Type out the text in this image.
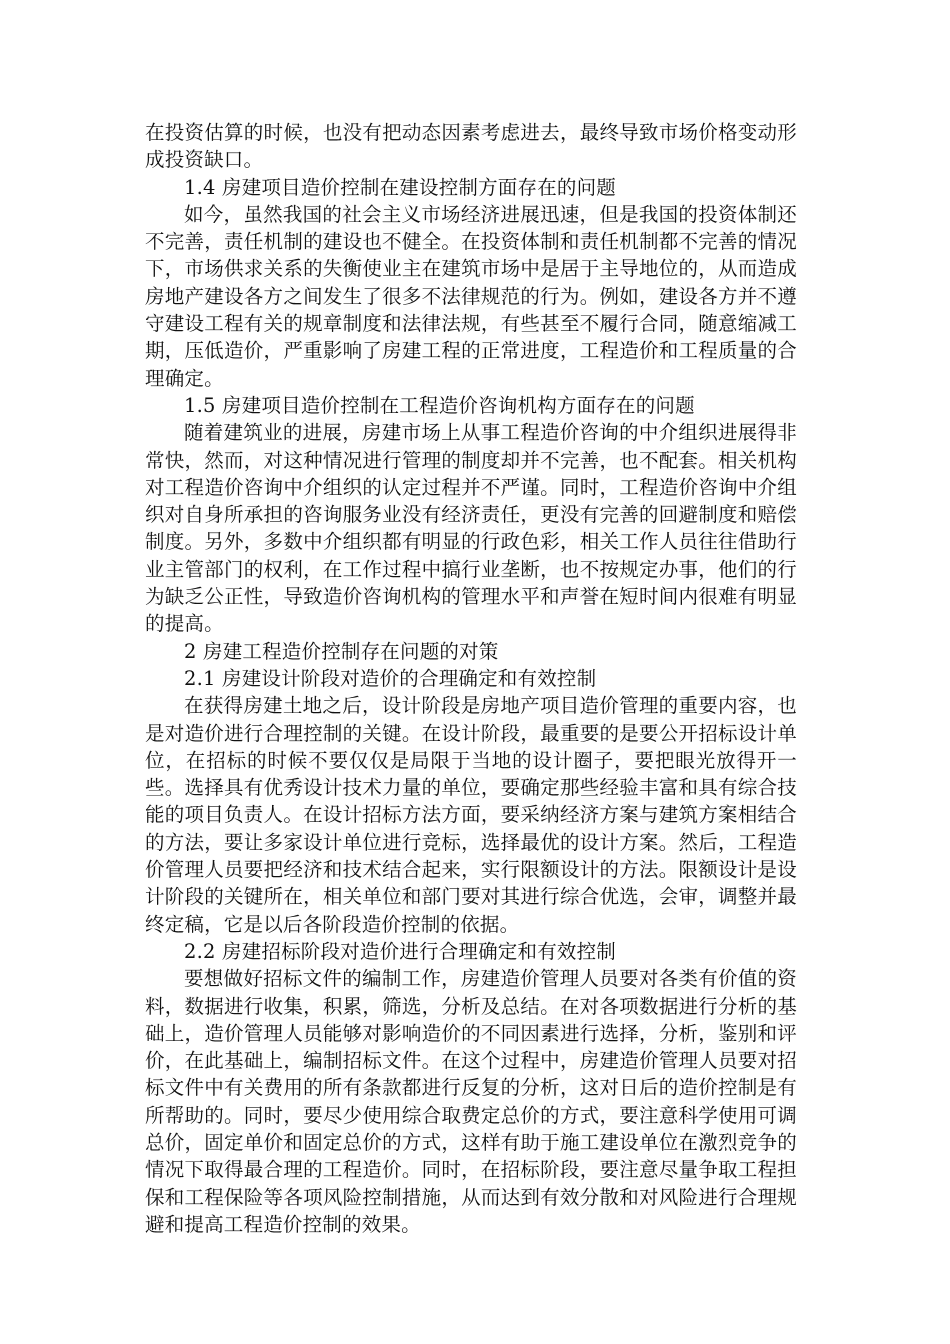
在投资估算的时候，也没有把动态因素考虑进去，最终导致市场价格变动形成投资缺口。

1.4 房建项目造价控制在建设控制方面存在的问题

如今，虽然我国的社会主义市场经济进展迅速，但是我国的投资体制还不完善，责任机制的建设也不健全。在投资体制和责任机制都不完善的情况下，市场供求关系的失衡使业主在建筑市场中是居于主导地位的，从而造成房地产建设各方之间发生了很多不法律规范的行为。例如，建设各方并不遵守建设工程有关的规章制度和法律法规，有些甚至不履行合同，随意缩减工期，压低造价，严重影响了房建工程的正常进度，工程造价和工程质量的合理确定。

1.5 房建项目造价控制在工程造价咨询机构方面存在的问题

随着建筑业的进展，房建市场上从事工程造价咨询的中介组织进展得非常快，然而，对这种情况进行管理的制度却并不完善，也不配套。相关机构对工程造价咨询中介组织的认定过程并不严谨。同时，工程造价咨询中介组织对自身所承担的咨询服务业没有经济责任，更没有完善的回避制度和赔偿制度。另外，多数中介组织都有明显的行政色彩，相关工作人员往往借助行业主管部门的权利，在工作过程中搞行业垄断，也不按规定办事，他们的行为缺乏公正性，导致造价咨询机构的管理水平和声誉在短时间内很难有明显的提高。

2 房建工程造价控制存在问题的对策

2.1 房建设计阶段对造价的合理确定和有效控制

在获得房建土地之后，设计阶段是房地产项目造价管理的重要内容，也是对造价进行合理控制的关键。在设计阶段，最重要的是要公开招标设计单位，在招标的时候不要仅仅是局限于当地的设计圈子，要把眼光放得开一些。选择具有优秀设计技术力量的单位，要确定那些经验丰富和具有综合技能的项目负责人。在设计招标方法方面，要采纳经济方案与建筑方案相结合的方法，要让多家设计单位进行竞标，选择最优的设计方案。然后，工程造价管理人员要把经济和技术结合起来，实行限额设计的方法。限额设计是设计阶段的关键所在，相关单位和部门要对其进行综合优选，会审，调整并最终定稿，它是以后各阶段造价控制的依据。

2.2 房建招标阶段对造价进行合理确定和有效控制

要想做好招标文件的编制工作，房建造价管理人员要对各类有价值的资料，数据进行收集，积累，筛选，分析及总结。在对各项数据进行分析的基础上，造价管理人员能够对影响造价的不同因素进行选择，分析，鉴别和评价，在此基础上，编制招标文件。在这个过程中，房建造价管理人员要对招标文件中有关费用的所有条款都进行反复的分析，这对日后的造价控制是有所帮助的。同时，要尽少使用综合取费定总价的方式，要注意科学使用可调总价，固定单价和固定总价的方式，这样有助于施工建设单位在激烈竞争的情况下取得最合理的工程造价。同时，在招标阶段，要注意尽量争取工程担保和工程保险等各项风险控制措施，从而达到有效分散和对风险进行合理规避和提高工程造价控制的效果。
